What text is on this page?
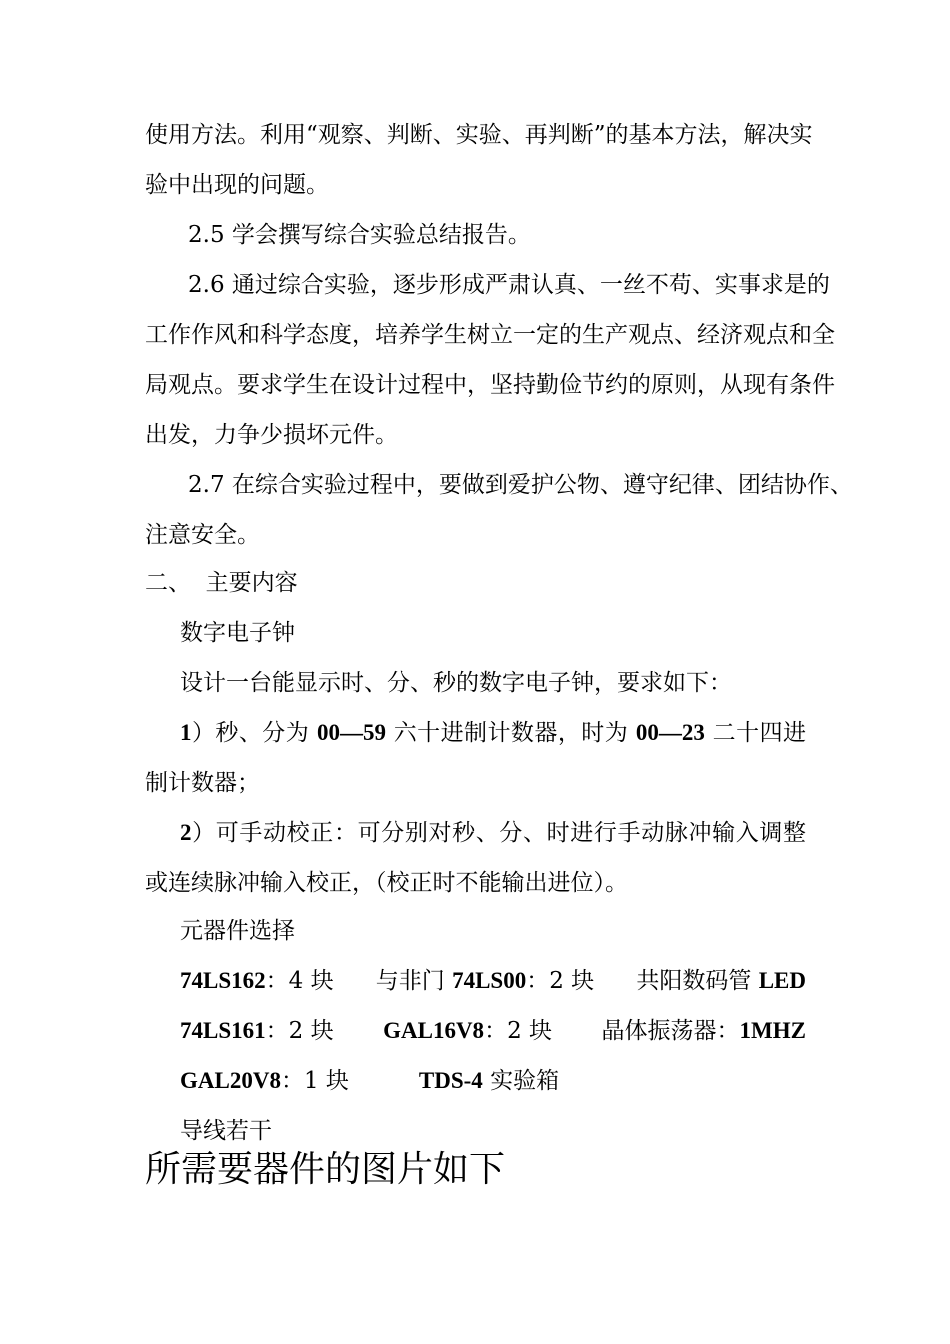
使用方法。利用“观察、判断、实验、再判断”的基本方法，解决实
验中出现的问题。
2.5 学会撰写综合实验总结报告。
2.6 通过综合实验，逐步形成严肃认真、一丝不苟、实事求是的
工作作风和科学态度，培养学生树立一定的生产观点、经济观点和全
局观点。要求学生在设计过程中，坚持勤俭节约的原则，从现有条件
出发，力争少损坏元件。
2.7 在综合实验过程中，要做到爱护公物、遵守纪律、团结协作、
注意安全。
二、  主要内容
数字电子钟
设计一台能显示时、分、秒的数字电子钟，要求如下：
1）秒、分为 00—59 六十进制计数器，时为 00—23 二十四进
制计数器；
2）可手动校正：可分别对秒、分、时进行手动脉冲输入调整
或连续脉冲输入校正，（校正时不能输出进位）。
元器件选择
74LS162：4 块 与非门 74LS00：2 块 共阳数码管 LED
74LS161：2 块 GAL16V8：2 块 晶体振荡器：1MHZ
GAL20V8：1 块	TDS-4 实验箱
导线若干
所需要器件的图片如下
